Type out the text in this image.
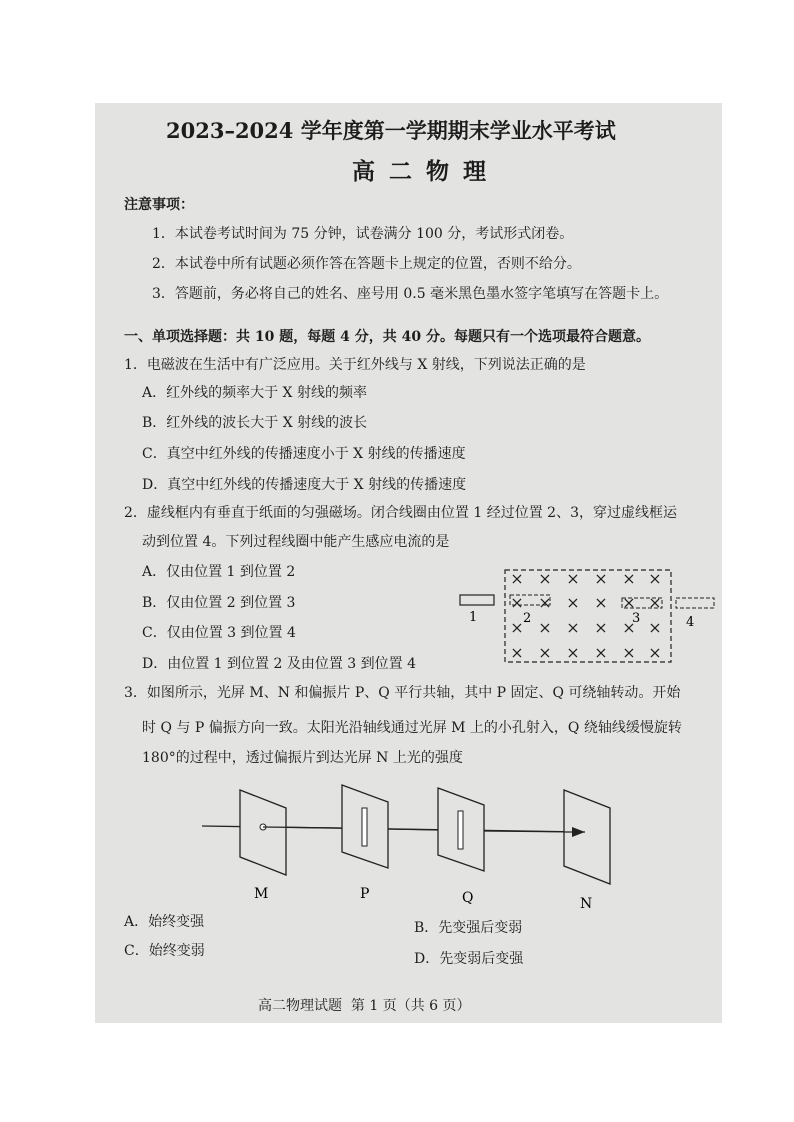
2023–2024 学年度第一学期期末学业水平考试
高二物理
注意事项：
1．本试卷考试时间为 75 分钟，试卷满分 100 分，考试形式闭卷。
2．本试卷中所有试题必须作答在答题卡上规定的位置，否则不给分。
3．答题前，务必将自己的姓名、座号用 0.5 毫米黑色墨水签字笔填写在答题卡上。
一、单项选择题：共 10 题，每题 4 分，共 40 分。每题只有一个选项最符合题意。
1．电磁波在生活中有广泛应用。关于红外线与 X 射线，下列说法正确的是
A．红外线的频率大于 X 射线的频率
B．红外线的波长大于 X 射线的波长
C．真空中红外线的传播速度小于 X 射线的传播速度
D．真空中红外线的传播速度大于 X 射线的传播速度
2．虚线框内有垂直于纸面的匀强磁场。闭合线圈由位置 1 经过位置 2、3，穿过虚线框运
动到位置 4。下列过程线圈中能产生感应电流的是
A．仅由位置 1 到位置 2
B．仅由位置 2 到位置 3
C．仅由位置 3 到位置 4
D．由位置 1 到位置 2 及由位置 3 到位置 4
× × × × × ×
× × × × × ×
× × × × × ×
× × × × × ×
1	2	3	4
3．如图所示，光屏 M、N 和偏振片 P、Q 平行共轴，其中 P 固定、Q 可绕轴转动。开始
时 Q 与 P 偏振方向一致。太阳光沿轴线通过光屏 M 上的小孔射入，Q 绕轴线缓慢旋转
180°的过程中，透过偏振片到达光屏 N 上光的强度
M	P	Q	N
A．始终变强	B．先变强后变弱
C．始终变弱	D．先变弱后变强
高二物理试题  第 1 页（共 6 页）
